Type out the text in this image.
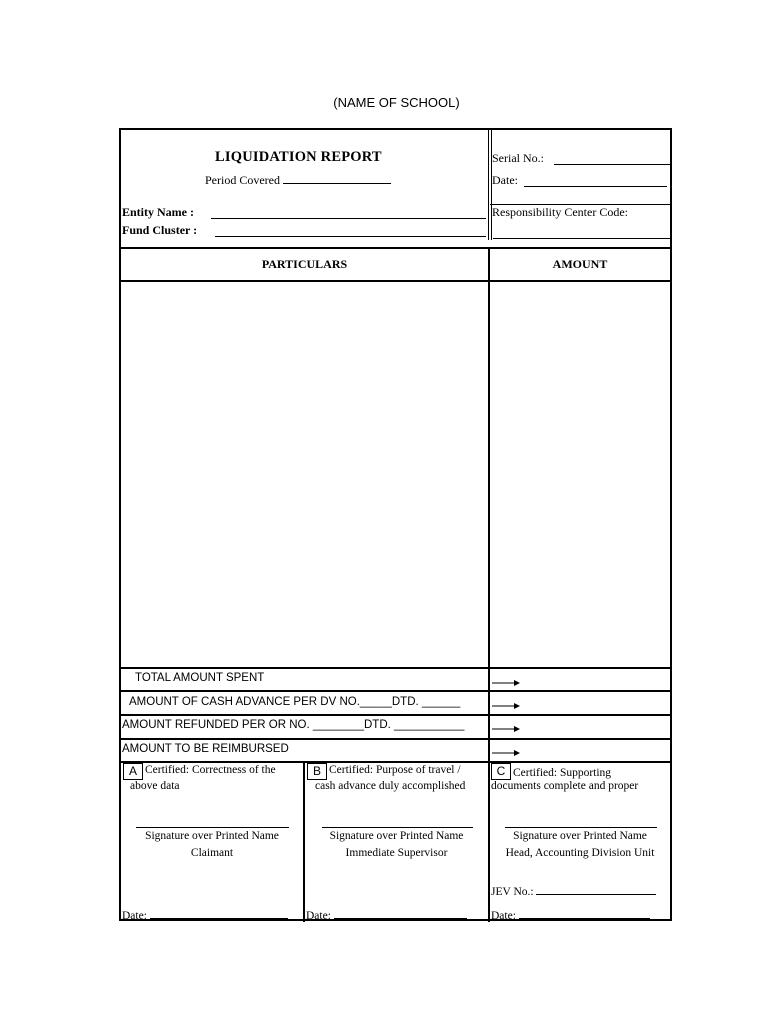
(NAME OF SCHOOL)
LIQUIDATION REPORT
Period Covered
Entity Name :
Fund Cluster :
Serial No.:
Date:
Responsibility Center Code:
PARTICULARS	AMOUNT
TOTAL AMOUNT SPENT
AMOUNT OF CASH ADVANCE PER DV NO._____DTD. ______
AMOUNT REFUNDED PER OR NO. ________DTD. ___________
AMOUNT TO BE REIMBURSED
A Certified: Correctness of the
above data
Signature over Printed Name
Claimant
Date:
B Certified: Purpose of travel /
cash advance duly accomplished
Signature over Printed Name
Immediate Supervisor
Date:
C Certified: Supporting
documents complete and proper
Signature over Printed Name
Head, Accounting Division Unit
JEV No.:
Date:
